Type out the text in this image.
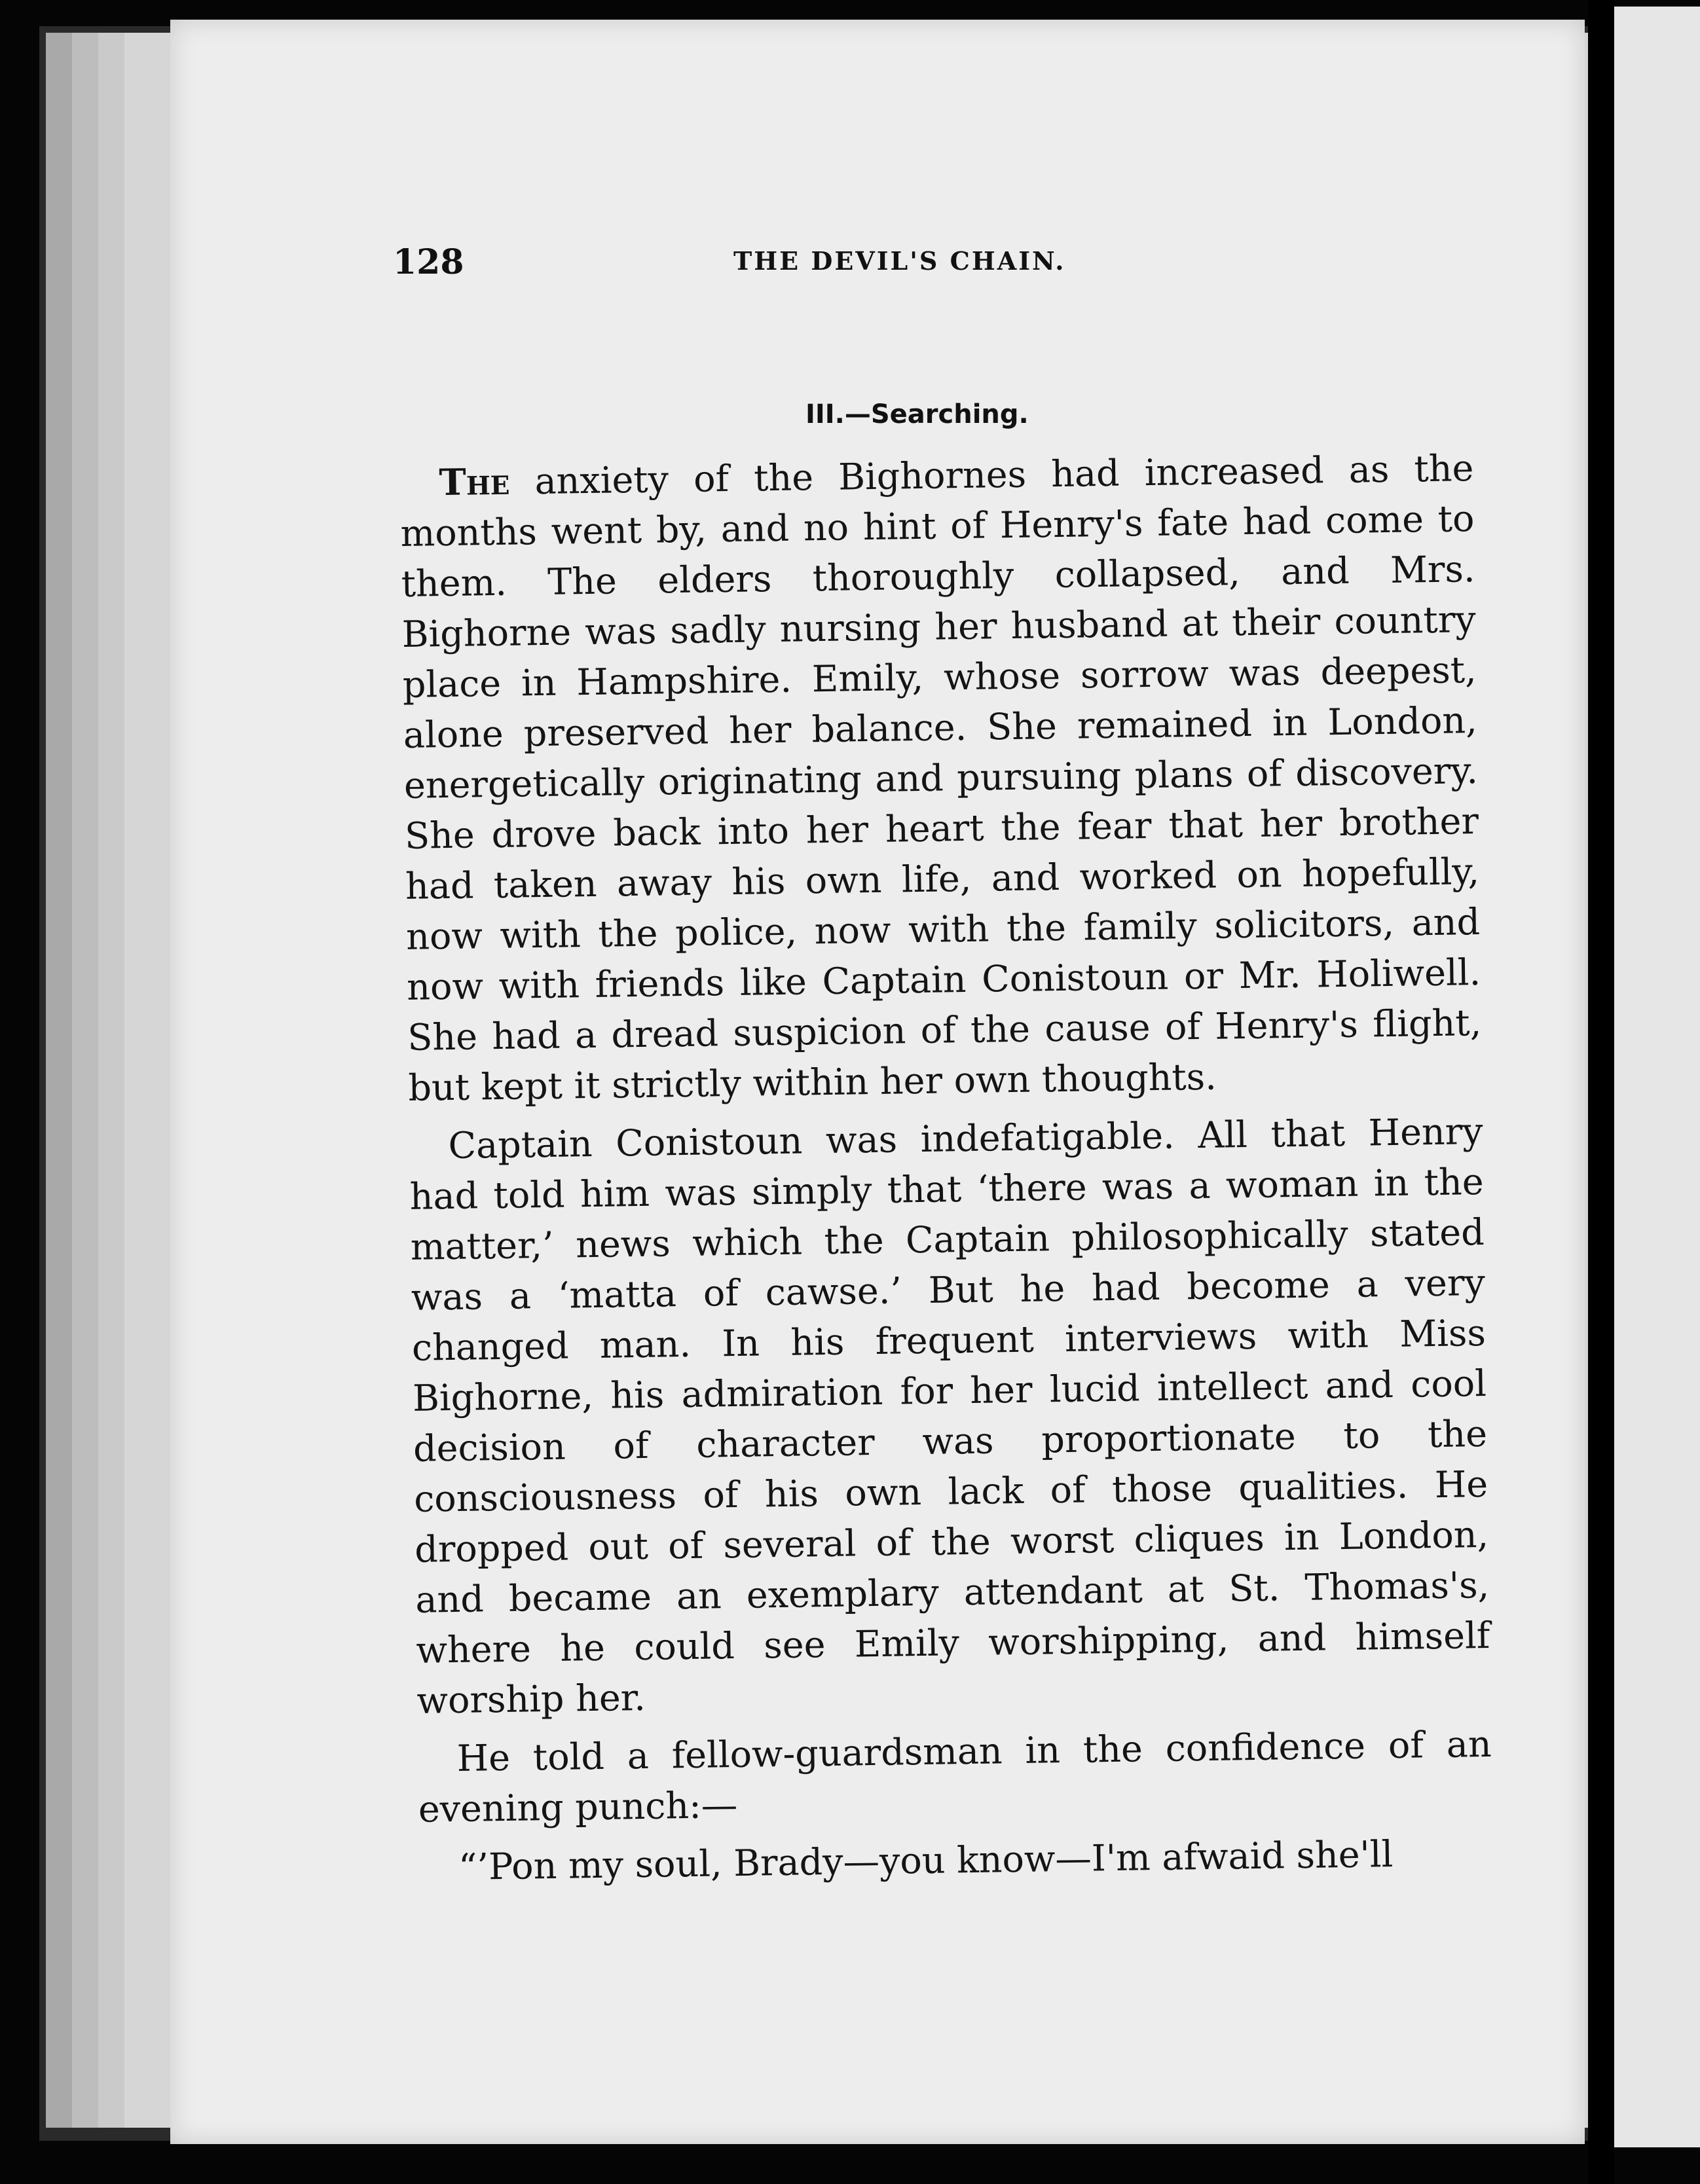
128	THE DEVIL'S CHAIN.
III.—Searching.

The anxiety of the Bighornes had increased as the months went by, and no hint of Henry's fate had come to them. The elders thoroughly collapsed, and Mrs. Bighorne was sadly nursing her husband at their country place in Hampshire. Emily, whose sorrow was deepest, alone preserved her balance. She remained in London, energetically originating and pursuing plans of discovery. She drove back into her heart the fear that her brother had taken away his own life, and worked on hopefully, now with the police, now with the family solicitors, and now with friends like Captain Conistoun or Mr. Holiwell. She had a dread suspicion of the cause of Henry's flight, but kept it strictly within her own thoughts.

Captain Conistoun was indefatigable. All that Henry had told him was simply that ‘there was a woman in the matter,’ news which the Captain philosophically stated was a ‘matta of cawse.’ But he had become a very changed man. In his frequent interviews with Miss Bighorne, his admiration for her lucid intellect and cool decision of character was proportionate to the consciousness of his own lack of those qualities. He dropped out of several of the worst cliques in London, and became an exemplary attendant at St. Thomas's, where he could see Emily worshipping, and himself worship her.

He told a fellow-guardsman in the confidence of an evening punch:—

“’Pon my soul, Brady—you know—I'm afwaid she'll
